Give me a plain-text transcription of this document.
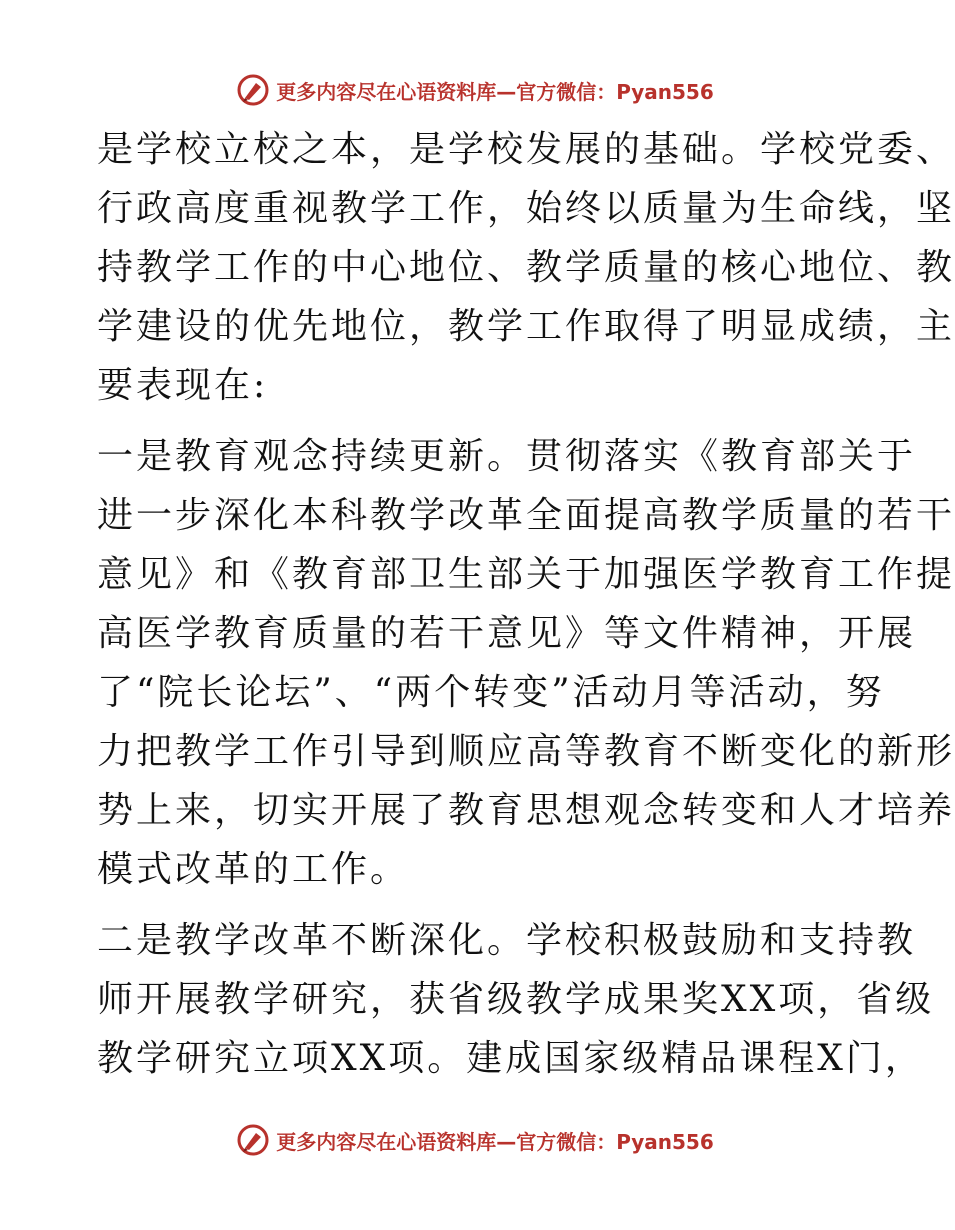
更多内容尽在心语资料库—官方微信：Pyan556

是学校立校之本，是学校发展的基础。学校党委、
行政高度重视教学工作，始终以质量为生命线，坚
持教学工作的中心地位、教学质量的核心地位、教
学建设的优先地位，教学工作取得了明显成绩，主
要表现在:

一是教育观念持续更新。贯彻落实《教育部关于
进一步深化本科教学改革全面提高教学质量的若干
意见》和《教育部卫生部关于加强医学教育工作提
高医学教育质量的若干意见》等文件精神，开展
了“院长论坛”、“两个转变”活动月等活动，努
力把教学工作引导到顺应高等教育不断变化的新形
势上来，切实开展了教育思想观念转变和人才培养
模式改革的工作。

二是教学改革不断深化。学校积极鼓励和支持教
师开展教学研究，获省级教学成果奖XX项，省级
教学研究立项XX项。建成国家级精品课程X门，

更多内容尽在心语资料库—官方微信：Pyan556
